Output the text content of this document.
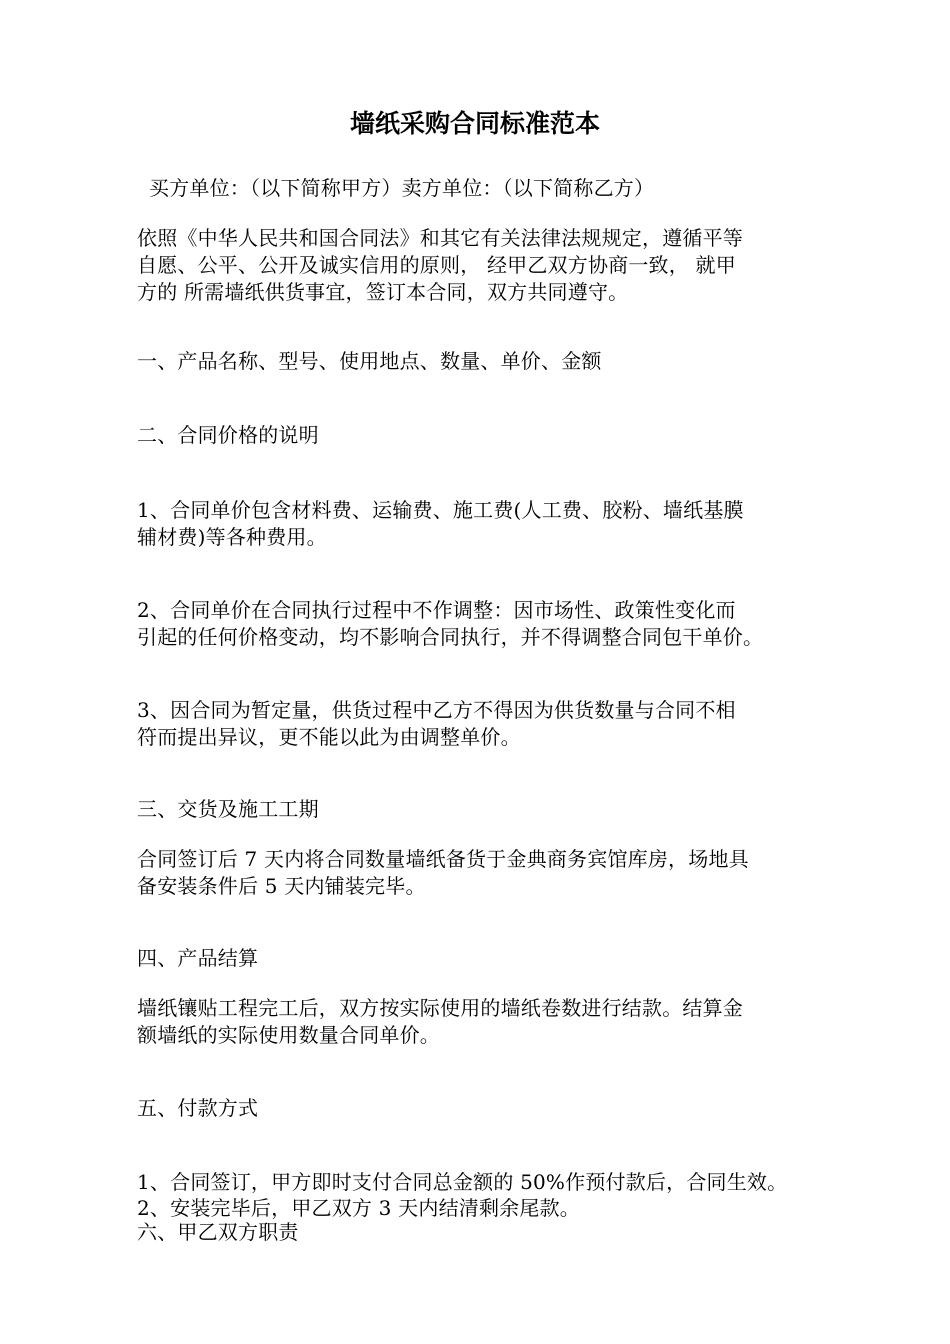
墙纸采购合同标准范本
买方单位：（以下简称甲方）卖方单位：（以下简称乙方）
依照《中华人民共和国合同法》和其它有关法律法规规定，遵循平等
自愿、公平、公开及诚实信用的原则， 经甲乙双方协商一致， 就甲
方的 所需墙纸供货事宜，签订本合同，双方共同遵守。
一、产品名称、型号、使用地点、数量、单价、金额
二、合同价格的说明
1、合同单价包含材料费、运输费、施工费(人工费、胶粉、墙纸基膜
辅材费)等各种费用。
2、合同单价在合同执行过程中不作调整：因市场性、政策性变化而
引起的任何价格变动，均不影响合同执行，并不得调整合同包干单价。
3、因合同为暂定量，供货过程中乙方不得因为供货数量与合同不相
符而提出异议，更不能以此为由调整单价。
三、交货及施工工期
合同签订后 7 天内将合同数量墙纸备货于金典商务宾馆库房，场地具
备安装条件后 5 天内铺装完毕。
四、产品结算
墙纸镶贴工程完工后，双方按实际使用的墙纸卷数进行结款。结算金
额墙纸的实际使用数量合同单价。
五、付款方式
1、合同签订，甲方即时支付合同总金额的 50%作预付款后，合同生效。
2、安装完毕后，甲乙双方 3 天内结清剩余尾款。
六、甲乙双方职责
